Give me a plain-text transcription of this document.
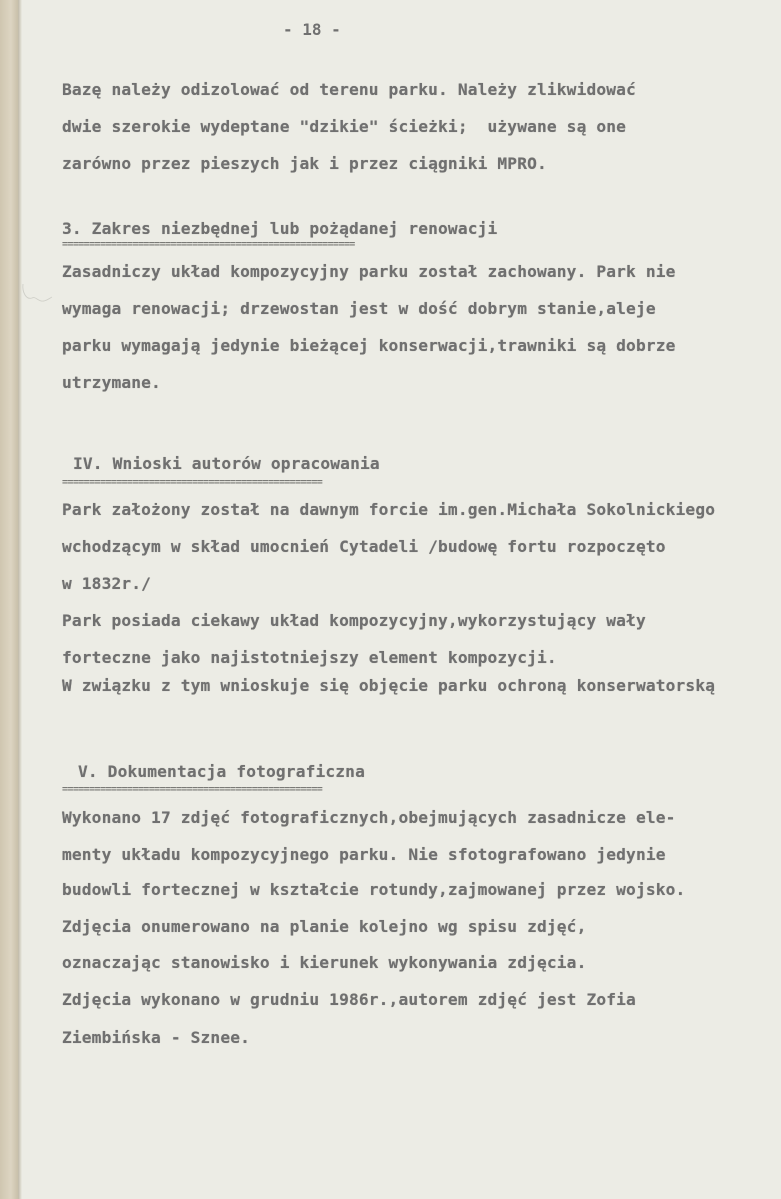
- 18 -
Bazę należy odizolować od terenu parku. Należy zlikwidować
dwie szerokie wydeptane "dzikie" ścieżki;  używane są one
zarówno przez pieszych jak i przez ciągniki MPRO.
3. Zakres niezbędnej lub pożądanej renowacji
======================================================
Zasadniczy układ kompozycyjny parku został zachowany. Park nie
wymaga renowacji; drzewostan jest w dość dobrym stanie,aleje
parku wymagają jedynie bieżącej konserwacji,trawniki są dobrze
utrzymane.
IV. Wnioski autorów opracowania
================================================
Park założony został na dawnym forcie im.gen.Michała Sokolnickiego
wchodzącym w skład umocnień Cytadeli /budowę fortu rozpoczęto
w 1832r./
Park posiada ciekawy układ kompozycyjny,wykorzystujący wały
forteczne jako najistotniejszy element kompozycji.
W związku z tym wnioskuje się objęcie parku ochroną konserwatorską
V. Dokumentacja fotograficzna
================================================
Wykonano 17 zdjęć fotograficznych,obejmujących zasadnicze ele-
menty układu kompozycyjnego parku. Nie sfotografowano jedynie
budowli fortecznej w kształcie rotundy,zajmowanej przez wojsko.
Zdjęcia onumerowano na planie kolejno wg spisu zdjęć,
oznaczając stanowisko i kierunek wykonywania zdjęcia.
Zdjęcia wykonano w grudniu 1986r.,autorem zdjęć jest Zofia
Ziembińska - Sznee.
